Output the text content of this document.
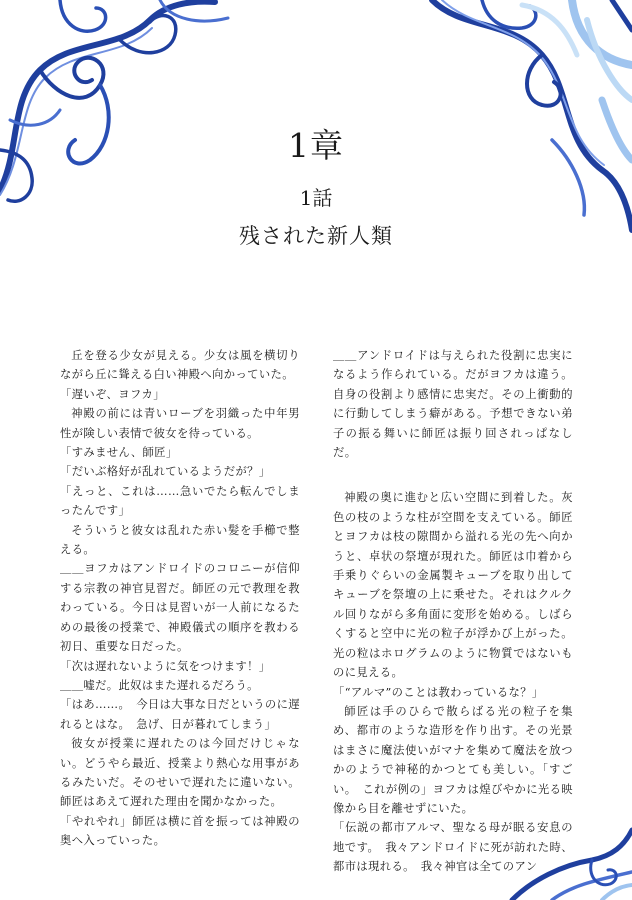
1章
1話
残された新人類

丘を登る少女が見える。少女は風を横切りながら丘に聳える白い神殿へ向かっていた。

「遅いぞ、ヨフカ」

神殿の前には青いローブを羽織った中年男性が険しい表情で彼女を待っている。

「すみません、師匠」

「だいぶ格好が乱れているようだが？」

「えっと、これは……急いでたら転んでしまったんです」

そういうと彼女は乱れた赤い髪を手櫛で整える。

＿＿ヨフカはアンドロイドのコロニーが信仰する宗教の神官見習だ。師匠の元で教理を教わっている。今日は見習いが一人前になるための最後の授業で、神殿儀式の順序を教わる初日、重要な日だった。

「次は遅れないように気をつけます！」

＿＿嘘だ。此奴はまた遅れるだろう。

「はあ……。　今日は大事な日だというのに遅れるとはな。　急げ、日が暮れてしまう」

彼女が授業に遅れたのは今回だけじゃない。どうやら最近、授業より熱心な用事があるみたいだ。そのせいで遅れたに違いない。師匠はあえて遅れた理由を聞かなかった。

「やれやれ」師匠は横に首を振っては神殿の奥へ入っていった。

＿＿アンドロイドは与えられた役割に忠実になるよう作られている。だがヨフカは違う。自身の役割より感情に忠実だ。その上衝動的に行動してしまう癖がある。予想できない弟子の振る舞いに師匠は振り回されっぱなしだ。

神殿の奥に進むと広い空間に到着した。灰色の枝のような柱が空間を支えている。師匠とヨフカは枝の隙間から溢れる光の先へ向かうと、卓状の祭壇が現れた。師匠は巾着から手乗りぐらいの金属製キューブを取り出してキューブを祭壇の上に乗せた。それはクルクル回りながら多角面に変形を始める。しばらくすると空中に光の粒子が浮かび上がった。光の粒はホログラムのように物質ではないものに見える。

「“アルマ”のことは教わっているな？」

師匠は手のひらで散らばる光の粒子を集め、都市のような造形を作り出す。その光景はまさに魔法使いがマナを集めて魔法を放つかのようで神秘的かつとても美しい。「すごい。　これが例の」ヨフカは煌びやかに光る映像から目を離せずにいた。

「伝説の都市アルマ、聖なる母が眠る安息の地です。　我々アンドロイドに死が訪れた時、都市は現れる。　我々神官は全てのアン
